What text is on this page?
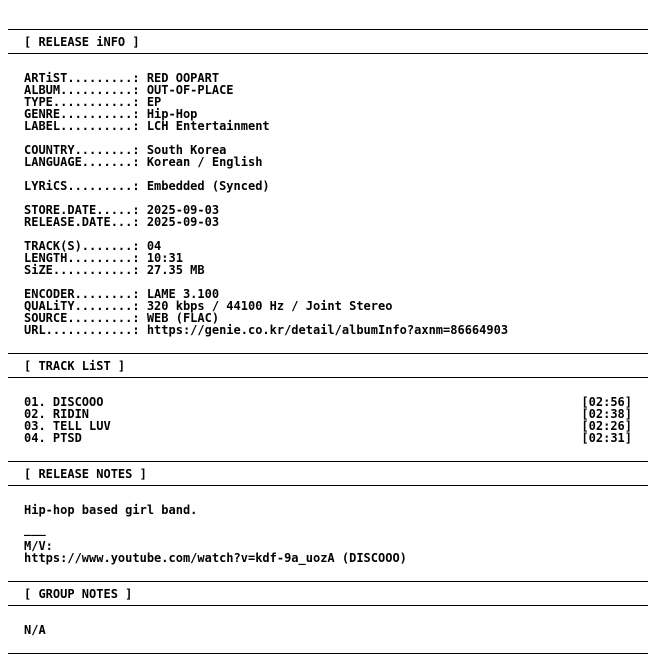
[ RELEASE iNFO ]
ARTiST.........: RED OOPART
ALBUM..........: OUT-OF-PLACE
TYPE...........: EP
GENRE..........: Hip-Hop
LABEL..........: LCH Entertainment
COUNTRY........: South Korea
LANGUAGE.......: Korean / English
LYRiCS.........: Embedded (Synced)
STORE.DATE.....: 2025-09-03
RELEASE.DATE...: 2025-09-03
TRACK(S).......: 04
LENGTH.........: 10:31
SiZE...........: 27.35 MB
ENCODER........: LAME 3.100
QUALiTY........: 320 kbps / 44100 Hz / Joint Stereo
SOURCE.........: WEB (FLAC)
URL............: https://genie.co.kr/detail/albumInfo?axnm=86664903
[ TRACK LiST ]
01. DISCOOO	[02:56]
02. RIDIN	[02:38]
03. TELL LUV	[02:26]
04. PTSD	[02:31]
[ RELEASE NOTES ]
Hip-hop based girl band.
___
M/V:
https://www.youtube.com/watch?v=kdf-9a_uozA (DISCOOO)
[ GROUP NOTES ]
N/A
